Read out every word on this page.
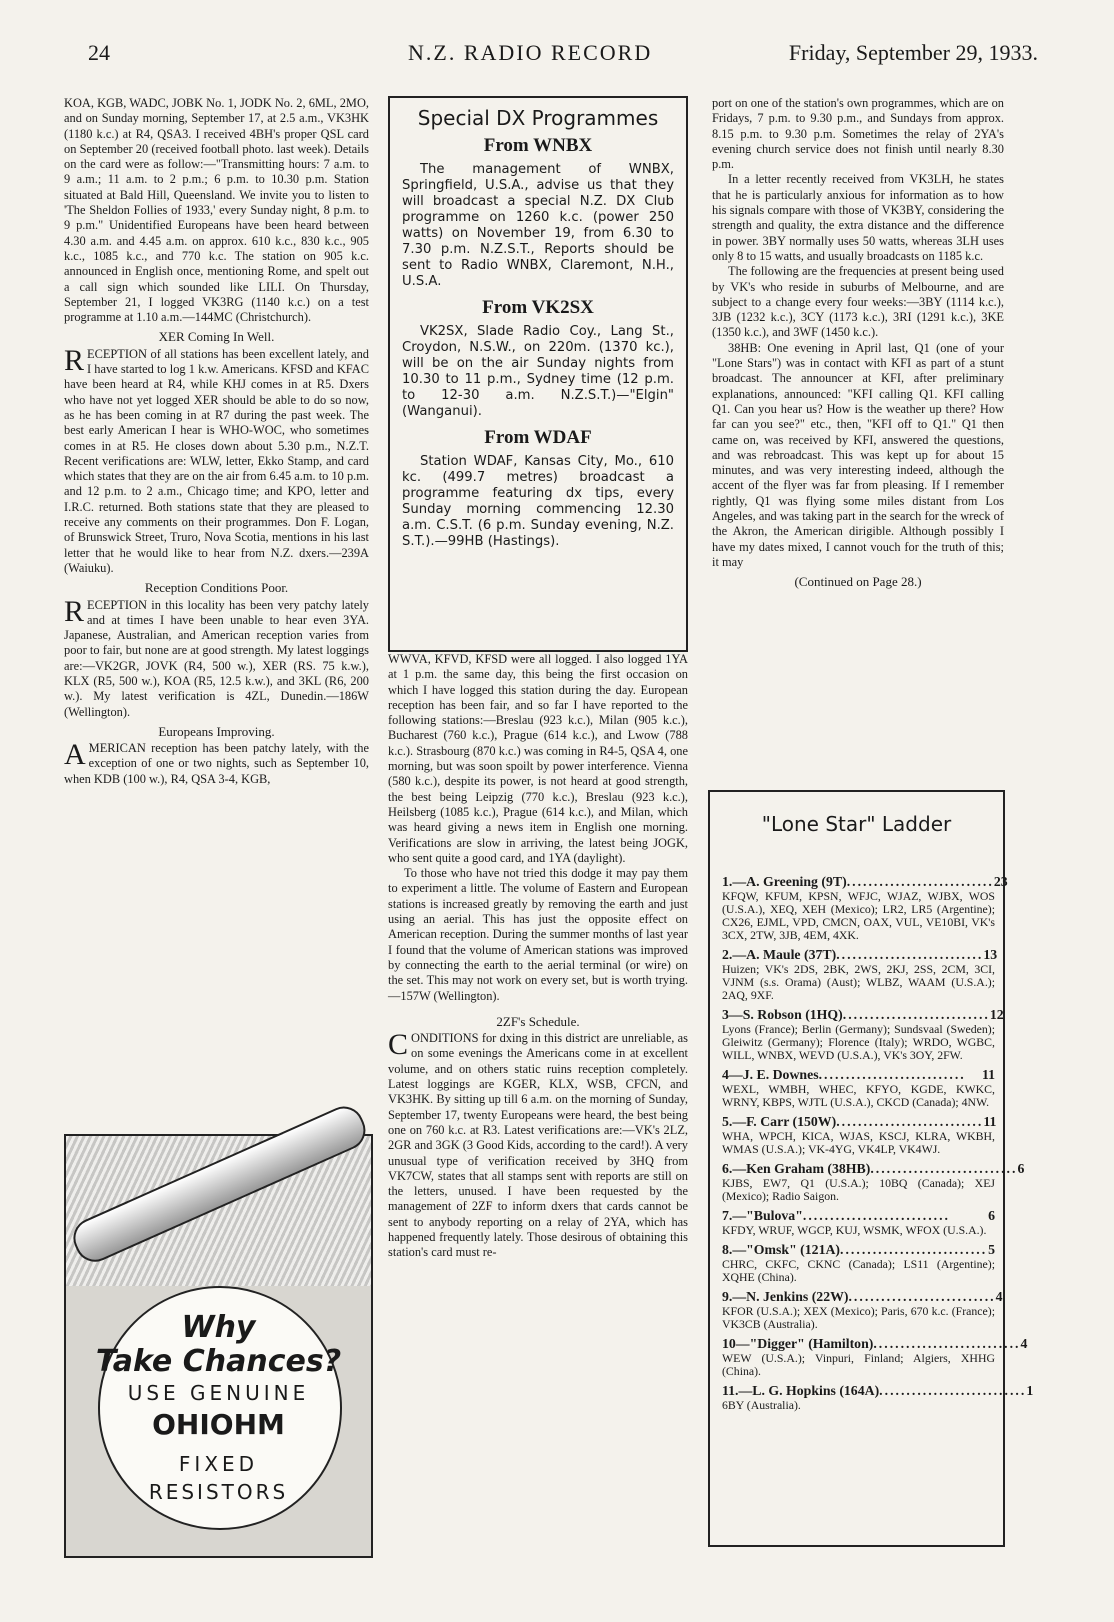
24	N.Z. RADIO RECORD	Friday, September 29, 1933.

KOA, KGB, WADC, JOBK No. 1, JODK No. 2, 6ML, 2MO, and on Sunday morning, September 17, at 2.5 a.m., VK3HK (1180 k.c.) at R4, QSA3. I received 4BH's proper QSL card on September 20 (received football photo. last week). Details on the card were as follow:—"Transmitting hours: 7 a.m. to 9 a.m.; 11 a.m. to 2 p.m.; 6 p.m. to 10.30 p.m. Station situated at Bald Hill, Queensland. We invite you to listen to 'The Sheldon Follies of 1933,' every Sunday night, 8 p.m. to 9 p.m." Unidentified Europeans have been heard between 4.30 a.m. and 4.45 a.m. on approx. 610 k.c., 830 k.c., 905 k.c., 1085 k.c., and 770 k.c. The station on 905 k.c. announced in English once, mentioning Rome, and spelt out a call sign which sounded like LILI. On Thursday, September 21, I logged VK3RG (1140 k.c.) on a test programme at 1.10 a.m.—144MC (Christchurch).

XER Coming In Well.

RECEPTION of all stations has been excellent lately, and I have started to log 1 k.w. Americans. KFSD and KFAC have been heard at R4, while KHJ comes in at R5. Dxers who have not yet logged XER should be able to do so now, as he has been coming in at R7 during the past week. The best early American I hear is WHO-WOC, who sometimes comes in at R5. He closes down about 5.30 p.m., N.Z.T. Recent verifications are: WLW, letter, Ekko Stamp, and card which states that they are on the air from 6.45 a.m. to 10 p.m. and 12 p.m. to 2 a.m., Chicago time; and KPO, letter and I.R.C. returned. Both stations state that they are pleased to receive any comments on their programmes. Don F. Logan, of Brunswick Street, Truro, Nova Scotia, mentions in his last letter that he would like to hear from N.Z. dxers.—239A (Waiuku).

Reception Conditions Poor.

RECEPTION in this locality has been very patchy lately and at times I have been unable to hear even 3YA. Japanese, Australian, and American reception varies from poor to fair, but none are at good strength. My latest loggings are:—VK2GR, JOVK (R4, 500 w.), XER (RS. 75 k.w.), KLX (R5, 500 w.), KOA (R5, 12.5 k.w.), and 3KL (R6, 200 w.). My latest verification is 4ZL, Dunedin.—186W (Wellington).

Europeans Improving.

AMERICAN reception has been patchy lately, with the exception of one or two nights, such as September 10, when KDB (100 w.), R4, QSA 3-4, KGB,

Why
Take Chances?
USE GENUINE
OHIOHM
FIXED
RESISTORS
Special DX Programmes
From WNBX

The management of WNBX, Springfield, U.S.A., advise us that they will broadcast a special N.Z. DX Club programme on 1260 k.c. (power 250 watts) on November 19, from 6.30 to 7.30 p.m. N.Z.S.T., Reports should be sent to Radio WNBX, Claremont, N.H., U.S.A.

From VK2SX

VK2SX, Slade Radio Coy., Lang St., Croydon, N.S.W., on 220m. (1370 kc.), will be on the air Sunday nights from 10.30 to 11 p.m., Sydney time (12 p.m. to 12-30 a.m. N.Z.S.T.)—"Elgin" (Wanganui).

From WDAF

Station WDAF, Kansas City, Mo., 610 kc. (499.7 metres) broadcast a programme featuring dx tips, every Sunday morning commencing 12.30 a.m. C.S.T. (6 p.m. Sunday evening, N.Z. S.T.).—99HB (Hastings).

WWVA, KFVD, KFSD were all logged. I also logged 1YA at 1 p.m. the same day, this being the first occasion on which I have logged this station during the day. European reception has been fair, and so far I have reported to the following stations:—Breslau (923 k.c.), Milan (905 k.c.), Bucharest (760 k.c.), Prague (614 k.c.), and Lwow (788 k.c.). Strasbourg (870 k.c.) was coming in R4-5, QSA 4, one morning, but was soon spoilt by power interference. Vienna (580 k.c.), despite its power, is not heard at good strength, the best being Leipzig (770 k.c.), Breslau (923 k.c.), Heilsberg (1085 k.c.), Prague (614 k.c.), and Milan, which was heard giving a news item in English one morning. Verifications are slow in arriving, the latest being JOGK, who sent quite a good card, and 1YA (daylight).

To those who have not tried this dodge it may pay them to experiment a little. The volume of Eastern and European stations is increased greatly by removing the earth and just using an aerial. This has just the opposite effect on American reception. During the summer months of last year I found that the volume of American stations was improved by connecting the earth to the aerial terminal (or wire) on the set. This may not work on every set, but is worth trying.—157W (Wellington).

2ZF's Schedule.

CONDITIONS for dxing in this district are unreliable, as on some evenings the Americans come in at excellent volume, and on others static ruins reception completely. Latest loggings are KGER, KLX, WSB, CFCN, and VK3HK. By sitting up till 6 a.m. on the morning of Sunday, September 17, twenty Europeans were heard, the best being one on 760 k.c. at R3. Latest verifications are:—VK's 2LZ, 2GR and 3GK (3 Good Kids, according to the card!). A very unusual type of verification received by 3HQ from VK7CW, states that all stamps sent with reports are still on the letters, unused. I have been requested by the management of 2ZF to inform dxers that cards cannot be sent to anybody reporting on a relay of 2YA, which has happened frequently lately. Those desirous of obtaining this station's card must re-

port on one of the station's own programmes, which are on Fridays, 7 p.m. to 9.30 p.m., and Sundays from approx. 8.15 p.m. to 9.30 p.m. Sometimes the relay of 2YA's evening church service does not finish until nearly 8.30 p.m.

In a letter recently received from VK3LH, he states that he is particularly anxious for information as to how his signals compare with those of VK3BY, considering the strength and quality, the extra distance and the difference in power. 3BY normally uses 50 watts, whereas 3LH uses only 8 to 15 watts, and usually broadcasts on 1185 k.c.

The following are the frequencies at present being used by VK's who reside in suburbs of Melbourne, and are subject to a change every four weeks:—3BY (1114 k.c.), 3JB (1232 k.c.), 3CY (1173 k.c.), 3RI (1291 k.c.), 3KE (1350 k.c.), and 3WF (1450 k.c.).

38HB: One evening in April last, Q1 (one of your "Lone Stars") was in contact with KFI as part of a stunt broadcast. The announcer at KFI, after preliminary explanations, announced: "KFI calling Q1. KFI calling Q1. Can you hear us? How is the weather up there? How far can you see?" etc., then, "KFI off to Q1." Q1 then came on, was received by KFI, answered the questions, and was rebroadcast. This was kept up for about 15 minutes, and was very interesting indeed, although the accent of the flyer was far from pleasing. If I remember rightly, Q1 was flying some miles distant from Los Angeles, and was taking part in the search for the wreck of the Akron, the American dirigible. Although possibly I have my dates mixed, I cannot vouch for the truth of this; it may

(Continued on Page 28.)
"Lone Star" Ladder
1.—A. Greening (9T) ........................... 23
KFQW, KFUM, KPSN, WFJC, WJAZ, WJBX, WOS (U.S.A.), XEQ, XEH (Mexico); LR2, LR5 (Argentine); CX26, EJML, VPD, CMCN, OAX, VUL, VE10BI, VK's 3CX, 2TW, 3JB, 4EM, 4XK.
2.—A. Maule (37T) ........................... 13
Huizen; VK's 2DS, 2BK, 2WS, 2KJ, 2SS, 2CM, 3CI, VJNM (s.s. Orama) (Aust); WLBZ, WAAM (U.S.A.); 2AQ, 9XF.
3—S. Robson (1HQ) ........................... 12
Lyons (France); Berlin (Germany); Sundsvaal (Sweden); Gleiwitz (Germany); Florence (Italy); WRDO, WGBC, WILL, WNBX, WEVD (U.S.A.), VK's 3OY, 2FW.
4—J. E. Downes ...........................	11
WEXL, WMBH, WHEC, KFYO, KGDE, KWKC, WRNY, KBPS, WJTL (U.S.A.), CKCD (Canada); 4NW.
5.—F. Carr (150W) ........................... 11
WHA, WPCH, KICA, WJAS, KSCJ, KLRA, WKBH, WMAS (U.S.A.); VK-4YG, VK4LP, VK4WJ.
6.—Ken Graham (38HB) ........................... 6
KJBS, EW7, Q1 (U.S.A.); 10BQ (Canada); XEJ (Mexico); Radio Saigon.
7.—"Bulova" ...........................	6
KFDY, WRUF, WGCP, KUJ, WSMK, WFOX (U.S.A.).
8.—"Omsk" (121A) ........................... 5
CHRC, CKFC, CKNC (Canada); LS11 (Argentine); XQHE (China).
9.—N. Jenkins (22W) ........................... 4
KFOR (U.S.A.); XEX (Mexico); Paris, 670 k.c. (France); VK3CB (Australia).
10—"Digger" (Hamilton) ........................... 4
WEW (U.S.A.); Vinpuri, Finland; Algiers, XHHG (China).
11.—L. G. Hopkins (164A) ........................... 1
6BY (Australia).
